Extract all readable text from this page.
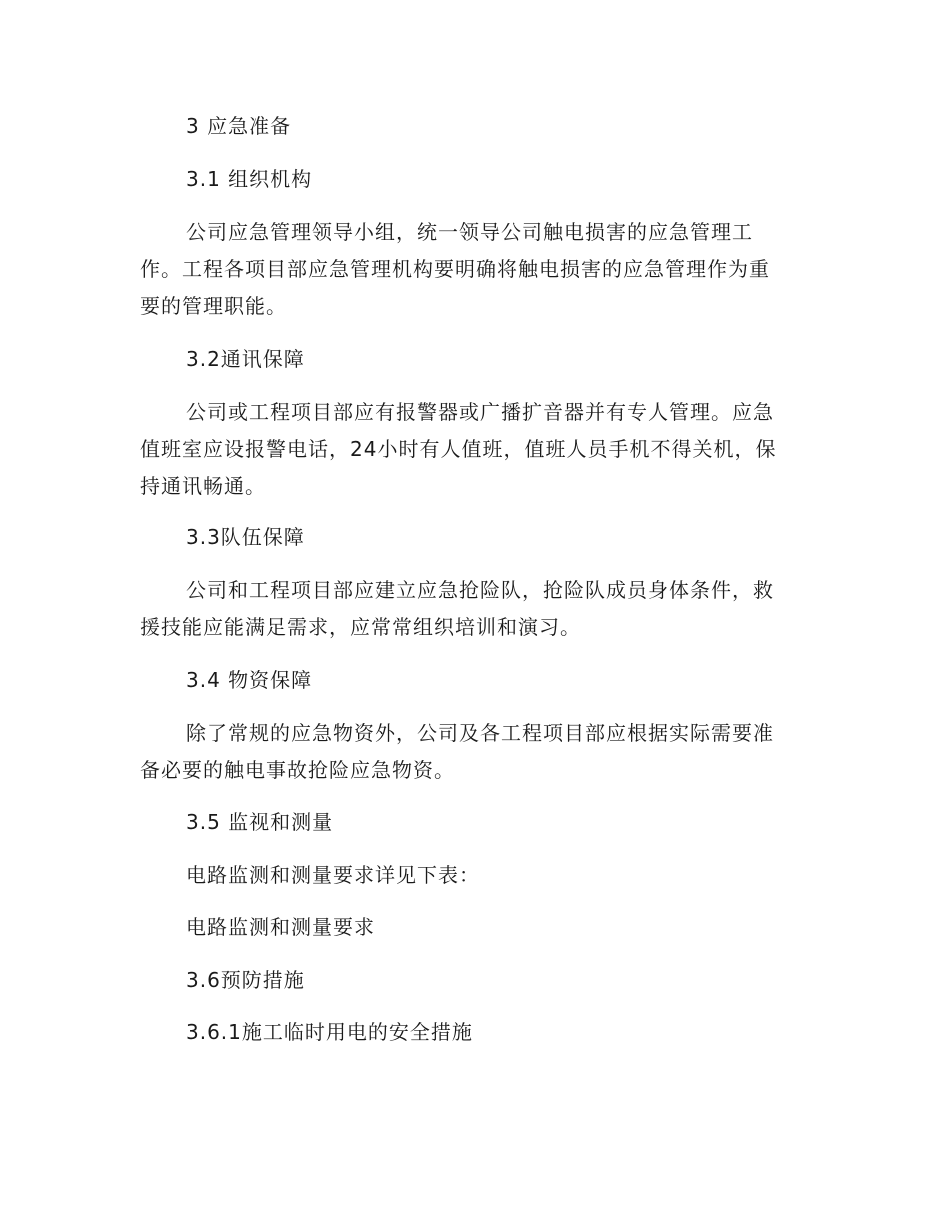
3 应急准备

3.1 组织机构

公司应急管理领导小组，统一领导公司触电损害的应急管理工

作。工程各项目部应急管理机构要明确将触电损害的应急管理作为重

要的管理职能。

3.2通讯保障

公司或工程项目部应有报警器或广播扩音器并有专人管理。应急

值班室应设报警电话，24小时有人值班，值班人员手机不得关机，保

持通讯畅通。

3.3队伍保障

公司和工程项目部应建立应急抢险队，抢险队成员身体条件，救

援技能应能满足需求，应常常组织培训和演习。

3.4 物资保障

除了常规的应急物资外，公司及各工程项目部应根据实际需要准

备必要的触电事故抢险应急物资。

3.5 监视和测量

电路监测和测量要求详见下表：

电路监测和测量要求

3.6预防措施

3.6.1施工临时用电的安全措施
